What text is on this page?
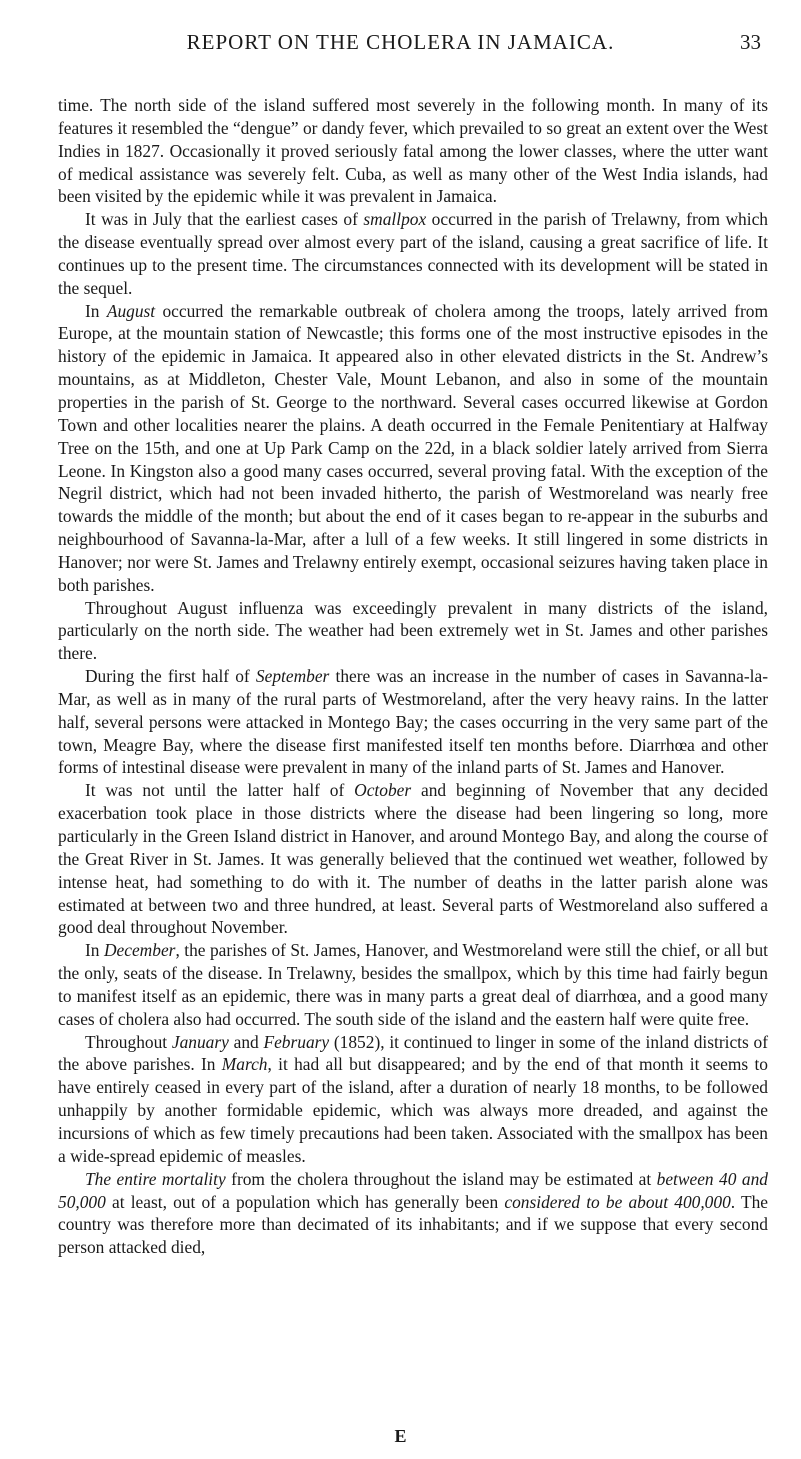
REPORT ON THE CHOLERA IN JAMAICA.	33

time. The north side of the island suffered most severely in the following month. In many of its features it resembled the “dengue” or dandy fever, which prevailed to so great an extent over the West Indies in 1827. Occasionally it proved seriously fatal among the lower classes, where the utter want of medical assistance was severely felt. Cuba, as well as many other of the West India islands, had been visited by the epidemic while it was prevalent in Jamaica.

It was in July that the earliest cases of smallpox occurred in the parish of Trelawny, from which the disease eventually spread over almost every part of the island, causing a great sacrifice of life. It continues up to the present time. The circumstances connected with its development will be stated in the sequel.

In August occurred the remarkable outbreak of cholera among the troops, lately arrived from Europe, at the mountain station of Newcastle; this forms one of the most instructive episodes in the history of the epidemic in Jamaica. It appeared also in other elevated districts in the St. Andrew’s mountains, as at Middleton, Chester Vale, Mount Lebanon, and also in some of the mountain properties in the parish of St. George to the northward. Several cases occurred likewise at Gordon Town and other localities nearer the plains. A death occurred in the Female Penitentiary at Halfway Tree on the 15th, and one at Up Park Camp on the 22d, in a black soldier lately arrived from Sierra Leone. In Kingston also a good many cases occurred, several proving fatal. With the exception of the Negril district, which had not been invaded hitherto, the parish of Westmoreland was nearly free towards the middle of the month; but about the end of it cases began to re-appear in the suburbs and neighbourhood of Savanna-la-Mar, after a lull of a few weeks. It still lingered in some districts in Hanover; nor were St. James and Trelawny entirely exempt, occasional seizures having taken place in both parishes.

Throughout August influenza was exceedingly prevalent in many districts of the island, particularly on the north side. The weather had been extremely wet in St. James and other parishes there.

During the first half of September there was an increase in the number of cases in Savanna-la-Mar, as well as in many of the rural parts of Westmoreland, after the very heavy rains. In the latter half, several persons were attacked in Montego Bay; the cases occurring in the very same part of the town, Meagre Bay, where the disease first manifested itself ten months before. Diarrhœa and other forms of intestinal disease were prevalent in many of the inland parts of St. James and Hanover.

It was not until the latter half of October and beginning of November that any decided exacerbation took place in those districts where the disease had been lingering so long, more particularly in the Green Island district in Hanover, and around Montego Bay, and along the course of the Great River in St. James. It was generally believed that the continued wet weather, followed by intense heat, had something to do with it. The number of deaths in the latter parish alone was estimated at between two and three hundred, at least. Several parts of Westmoreland also suffered a good deal throughout November.

In December, the parishes of St. James, Hanover, and Westmoreland were still the chief, or all but the only, seats of the disease. In Trelawny, besides the smallpox, which by this time had fairly begun to manifest itself as an epidemic, there was in many parts a great deal of diarrhœa, and a good many cases of cholera also had occurred. The south side of the island and the eastern half were quite free.

Throughout January and February (1852), it continued to linger in some of the inland districts of the above parishes. In March, it had all but disappeared; and by the end of that month it seems to have entirely ceased in every part of the island, after a duration of nearly 18 months, to be followed unhappily by another formidable epidemic, which was always more dreaded, and against the incursions of which as few timely precautions had been taken. Associated with the smallpox has been a wide-spread epidemic of measles.

The entire mortality from the cholera throughout the island may be estimated at between 40 and 50,000 at least, out of a population which has generally been considered to be about 400,000. The country was therefore more than decimated of its inhabitants; and if we suppose that every second person attacked died,

E
